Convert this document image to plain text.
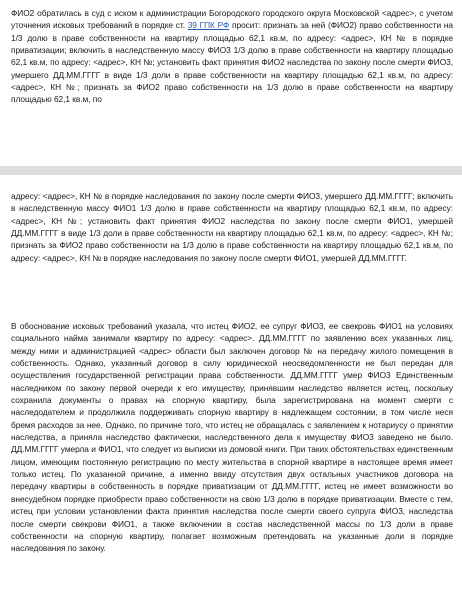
ФИО2 обратилась в суд с иском к администрации Богородского городского округа Московской <адрес>, с учетом уточнения исковых требований в порядке ст. 39 ГПК РФ просит: признать за ней (ФИО2) право собственности на 1/3 долю в праве собственности на квартиру площадью 62,1 кв.м, по адресу: <адрес>, КН № в порядке приватизации; включить в наследственную массу ФИО3 1/3 долю в праве собственности на квартиру площадью 62,1 кв.м, по адресу: <адрес>, КН №; установить факт принятия ФИО2 наследства по закону после смерти ФИО3, умершего ДД.ММ.ГГГГ в виде 1/3 доли в праве собственности на квартиру площадью 62,1 кв.м, по адресу: <адрес>, КН №; признать за ФИО2 право собственности на 1/3 долю в праве собственности на квартиру площадью 62,1 кв.м, по

адресу: <адрес>, КН № в порядке наследования по закону после смерти ФИО3, умершего ДД.ММ.ГГГГ; включить в наследственную массу ФИО1 1/3 долю в праве собственности на квартиру площадью 62,1 кв.м, по адресу: <адрес>, КН №; установить факт принятия ФИО2 наследства по закону после смерти ФИО1, умершей ДД.ММ.ГГГГ в виде 1/3 доли в праве собственности на квартиру площадью 62,1 кв.м, по адресу: <адрес>, КН №; признать за ФИО2 право собственности на 1/3 долю в праве собственности на квартиру площадью 62,1 кв.м, по адресу: <адрес>, КН № в порядке наследования по закону после смерти ФИО1, умершей ДД.ММ.ГГГГ.

В обоснование исковых требований указала, что истец ФИО2, ее супруг ФИО3, ее свекровь ФИО1 на условиях социального найма занимали квартиру по адресу: <адрес>. ДД.ММ.ГГГГ по заявлению всех указанных лиц, между ними и администрацией <адрес> области был заключен договор № на передачу жилого помещения в собственность. Однако, указанный договор в силу юридической неосведомленности не был передан для осуществления государственной регистрации права собственности. ДД.ММ.ГГГГ умер ФИО3 Единственным наследником по закону первой очереди к его имуществу, принявшим наследство является истец, поскольку сохранила документы о правах на спорную квартиру, была зарегистрирована на момент смерти с наследодателем и продолжила поддерживать спорную квартиру в надлежащем состоянии, в том числе неся бремя расходов за нее. Однако, по причине того, что истец не обращалась с заявлением к нотариусу о принятии наследства, а приняла наследство фактически, наследственного дела к имуществу ФИО3 заведено не было. ДД.ММ.ГГГГ умерла и ФИО1, что следует из выписки из домовой книги. При таких обстоятельствах единственным лицом, имеющим постоянную регистрацию по месту жительства в спорной квартире в настоящее время имеет только истец. По указанной причине, а именно ввиду отсутствия двух остальных участников договора на передачу квартиры в собственность в порядке приватизации от ДД.ММ.ГГГГ, истец не имеет возможности во внесудебном порядке приобрести право собственности на свою 1/3 долю в порядке приватизации. Вместе с тем, истец при условии установлении факта принятия наследства после смерти своего супруга ФИО3, наследства после смерти свекрови ФИО1, а также включении в состав наследственной массы по 1/3 доли в праве собственности на спорную квартиру, полагает возможным претендовать на указанные доли в порядке наследования по закону.
